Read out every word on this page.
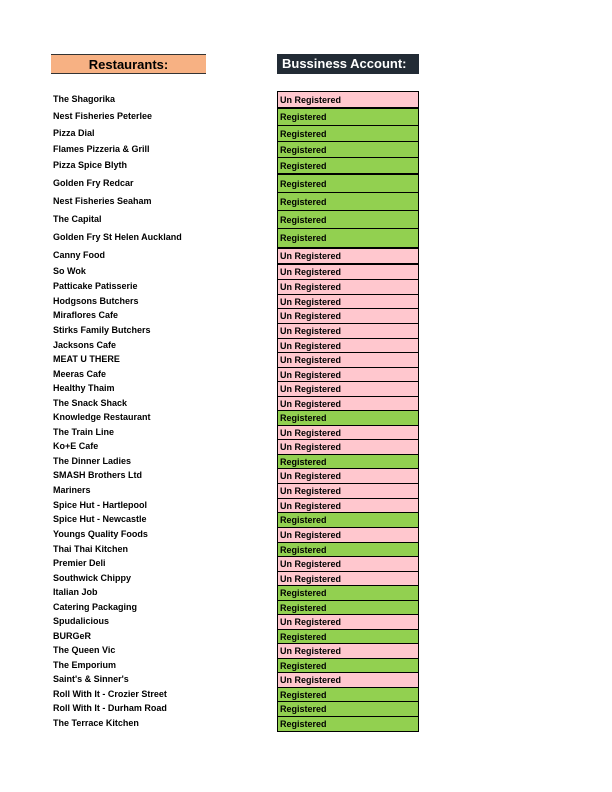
Restaurants:	Bussiness Account:
The Shagorika	Un Registered
Nest Fisheries Peterlee	Registered
Pizza Dial	Registered
Flames Pizzeria & Grill	Registered
Pizza Spice Blyth	Registered
Golden Fry Redcar	Registered
Nest Fisheries Seaham	Registered
The Capital	Registered
Golden Fry St Helen Auckland	Registered
Canny Food	Un Registered
So Wok	Un Registered
Patticake Patisserie	Un Registered
Hodgsons Butchers	Un Registered
Miraflores Cafe	Un Registered
Stirks Family Butchers	Un Registered
Jacksons Cafe	Un Registered
MEAT U THERE	Un Registered
Meeras Cafe	Un Registered
Healthy Thaim	Un Registered
The Snack Shack	Un Registered
Knowledge Restaurant	Registered
The Train Line	Un Registered
Ko+E Cafe	Un Registered
The Dinner Ladies	Registered
SMASH Brothers Ltd	Un Registered
Mariners	Un Registered
Spice Hut - Hartlepool	Un Registered
Spice Hut - Newcastle	Registered
Youngs Quality Foods	Un Registered
Thai Thai Kitchen	Registered
Premier Deli	Un Registered
Southwick Chippy	Un Registered
Italian Job	Registered
Catering Packaging	Registered
Spudalicious	Un Registered
BURGeR	Registered
The Queen Vic	Un Registered
The Emporium	Registered
Saint's & Sinner's	Un Registered
Roll With It - Crozier Street	Registered
Roll With It - Durham Road	Registered
The Terrace Kitchen	Registered
